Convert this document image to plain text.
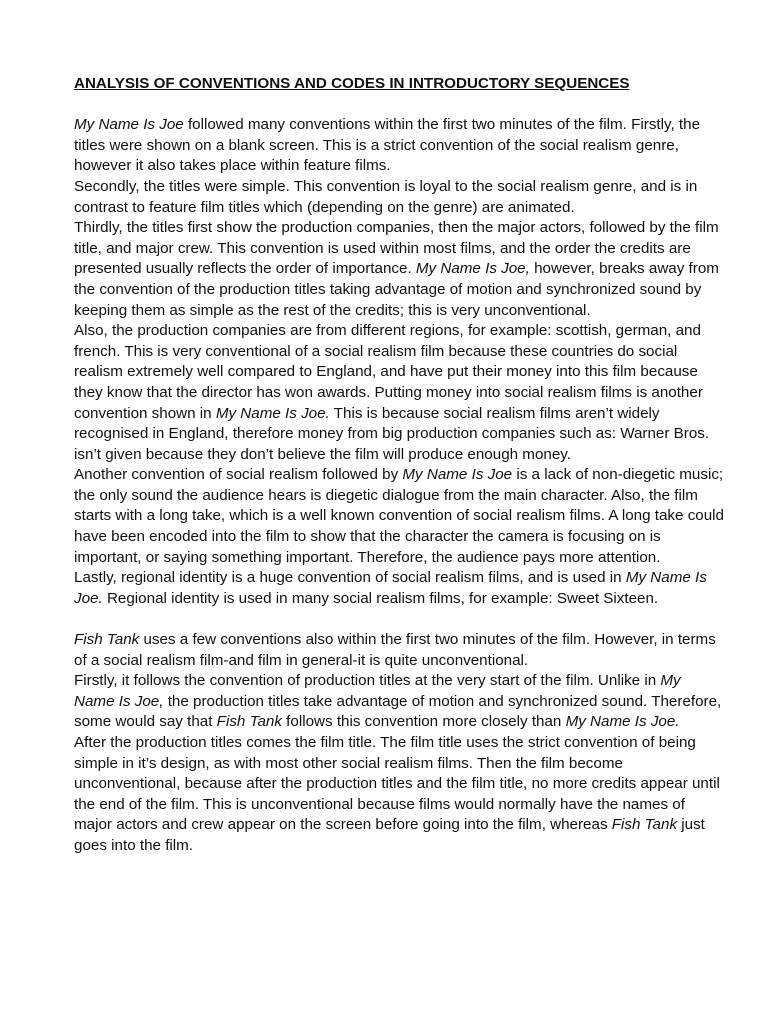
ANALYSIS OF CONVENTIONS AND CODES IN INTRODUCTORY SEQUENCES

My Name Is Joe followed many conventions within the first two minutes of the film. Firstly, the titles were shown on a blank screen. This is a strict convention of the social realism genre, however it also takes place within feature films.

Secondly, the titles were simple. This convention is loyal to the social realism genre, and is in contrast to feature film titles which (depending on the genre) are animated.

Thirdly, the titles first show the production companies, then the major actors, followed by the film title, and major crew. This convention is used within most films, and the order the credits are presented usually reflects the order of importance. My Name Is Joe, however, breaks away from the convention of the production titles taking advantage of motion and synchronized sound by keeping them as simple as the rest of the credits; this is very unconventional.

Also, the production companies are from different regions, for example: scottish, german, and french. This is very conventional of a social realism film because these countries do social realism extremely well compared to England, and have put their money into this film because they know that the director has won awards. Putting money into social realism films is another convention shown in My Name Is Joe. This is because social realism films aren’t widely recognised in England, therefore money from big production companies such as: Warner Bros. isn’t given because they don’t believe the film will produce enough money.

Another convention of social realism followed by My Name Is Joe is a lack of non-diegetic music; the only sound the audience hears is diegetic dialogue from the main character. Also, the film starts with a long take, which is a well known convention of social realism films. A long take could have been encoded into the film to show that the character the camera is focusing on is important, or saying something important. Therefore, the audience pays more attention.

Lastly, regional identity is a huge convention of social realism films, and is used in My Name Is Joe. Regional identity is used in many social realism films, for example: Sweet Sixteen.

Fish Tank uses a few conventions also within the first two minutes of the film. However, in terms of a social realism film-and film in general-it is quite unconventional.

Firstly, it follows the convention of production titles at the very start of the film. Unlike in My Name Is Joe, the production titles take advantage of motion and synchronized sound. Therefore, some would say that Fish Tank follows this convention more closely than My Name Is Joe.

After the production titles comes the film title. The film title uses the strict convention of being simple in it’s design, as with most other social realism films. Then the film become unconventional, because after the production titles and the film title, no more credits appear until the end of the film. This is unconventional because films would normally have the names of major actors and crew appear on the screen before going into the film, whereas Fish Tank just goes into the film.
